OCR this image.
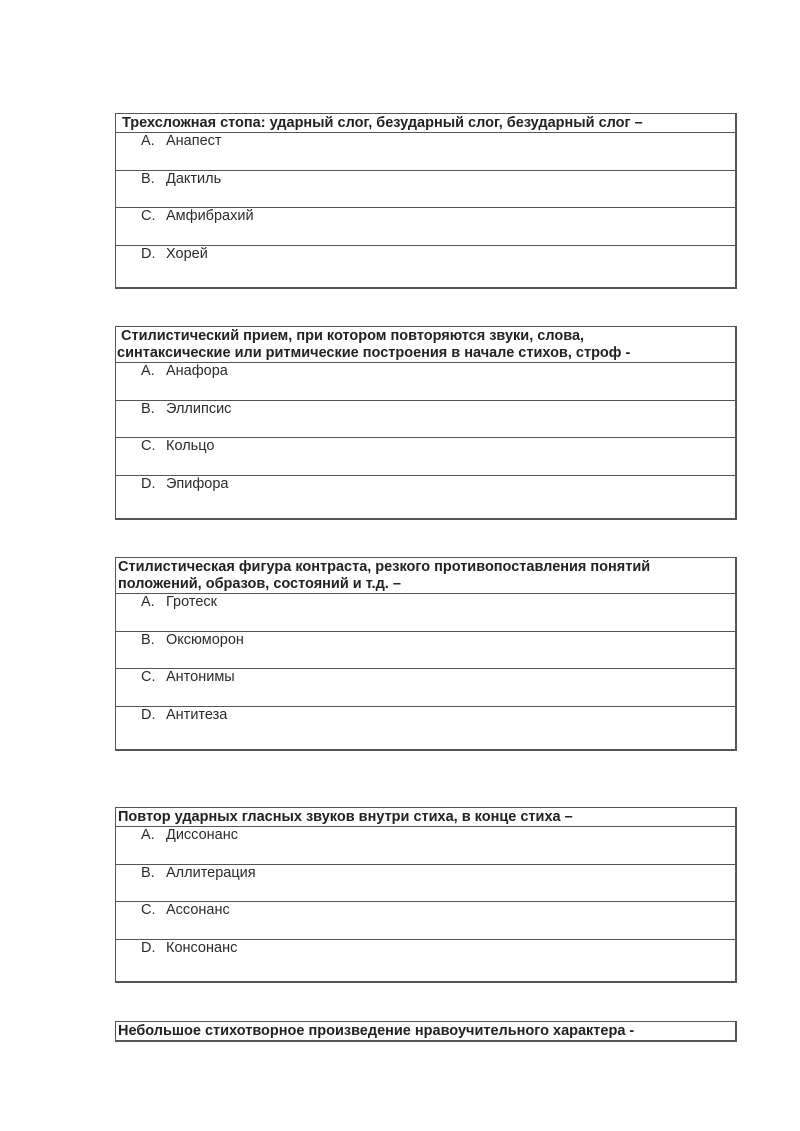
Трехсложная стопа: ударный слог, безударный слог, безударный слог –
A. Анапест
B. Дактиль
C. Амфибрахий
D. Хорей
Стилистический прием, при котором повторяются звуки, слова,
синтаксические или ритмические построения в начале стихов, строф -
A. Анафора
B. Эллипсис
C. Кольцо
D. Эпифора
Стилистическая фигура контраста, резкого противопоставления понятий
положений, образов, состояний и т.д. –
A. Гротеск
B. Оксюморон
C. Антонимы
D. Антитеза
Повтор ударных гласных звуков внутри стиха, в конце стиха –
A. Диссонанс
B. Аллитерация
C. Ассонанс
D. Консонанс
Небольшое стихотворное произведение нравоучительного характера -
